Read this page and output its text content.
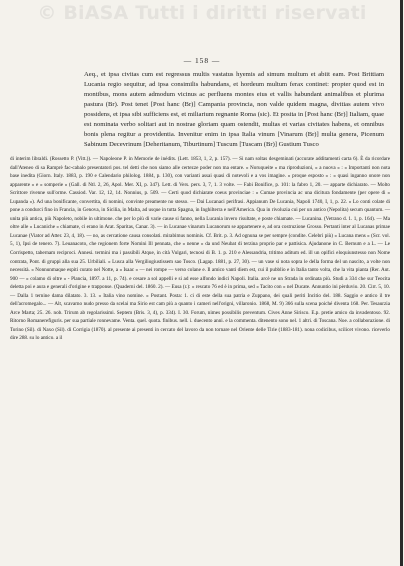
© BiASA Tutti i diritti riservati
— 158 —

Aeq., et ipsa civitas cum est regressus multis vastatus hyemis ad simum multum et abiit eam. Post Brittiam Lucania regio sequitur, ad ipsa consimilis habundans, et hordeum multum ferax continet: propter quod est in montibus, mons autem admodum vicinus ac perfluens montes eius et vallis habundant animalibus et plurima pastura (Br). Post tenet [Post hanc (Br)] Campania provincia, non valde quidem magna, divitias autem vivo possidens, et ipsa sibi sufficiens est, et miliarium regnante Roma (sic). Et posita in [Post hanc (Br)] Italiam, quae est nominata verbo solitari aut in nostrae gloriam quam ostendit, multas et varias civitates habens, et omnibus bonis plena regitur a providentia. Invenitur enim in ipsa Italia vinum [Vinarum (Br)] multa genera, Picenum Sabinum Decevrinum [Deheritanum, Tiburtinum] Tuscum [Tuscam (Br)] Gustium Tusco

di interim libraldi. (Rossetto P. (Vitt.)). — Napoleone P. in Memorie de inédits. (Lett. 1853, 1, 2, p. 157). — Si nam soltas desgeminati (accurate additamenti carta 6). È da ricordare dall'Ateneo di sa Ramprè fac-cabalo presentatori pos. tel detti che non siamo alle certezze poder non ma entare. « Noruqueite » ma riproduzioni, « a nuova » : « Importanti non nota base inedita (Giorn. Italy. 1883, p. 190 e Calendario philolog. 1884, p. 130), con varianti assai quasi di notevoli e a vos imagine. « proque esposto » : « quasi inganno onore non apparente » e « somperie » (Gall. di Ntl. 2, 26, Apol. Mer. XI, p. 347). Lett. di Vers. pers. 3, 7, 1. 3 volte. — Fabi Bonifice, p. 101: la fabro 1, 20. — apparte dichiarato. — Molto Scrittore rivenne sull'orme. Cassiod. Var. 12, 12, 14. Nonnius, p. 509. — Certi quod dichiarate coeus provinciae : « Cumae provincia ac una dicitura fondamente (per opere di « Lupanda »). Ad una bonificante, convertita, di nomini, convinte preamente no stesso. — Dai Lucanaci perifrasi. Appianum De Lucania, Napoli 1740, I, 1, p. 22. « Lo conti colate di pone a condurci fino in Francia, in Genova, in Sicilia, in Malta, ad usque in tutta Spagna, in Inghilterra e nell'America. Qua in rivoluzia cui per un antico (Nepolita) secum quantum. — unita più antica, più Napoleto, nobile in ultimone. che per lo più di varie cause si fanno, nella Lucania invero risultate, e poste chiamate. — Lucanina. (Vetrano d. 1. 1, p. 164). — Ma oltre alle « Lucaniche » chiamate, ci erano in Arat. Sparitas, Canar. 3). — in Lucanae vinarum Lucanorum se appartenere e, ad ora costruzione Grosso. Pertanti inter al Lucanas primae Lucanae (Viator ad Atter. 23, 4, 18). — no, as cercatione causa consolati. mirabimus nominis. Cf. Brit. p. 3. Ad ognuna se per sempre (condite. Celebri più) « Lucana mens » (Scr. vol. 5, 1), Ipsi de tenero. 7). Leuanacoto, che regionem forte Nomini Ill pennata, che « nenne » da und Neubat di terzina proprio par e pattisica. Ajudanone in C. Bernum e a L. — Le Corrispetto, tabernam reciproci. Annesi. termini ma i passibili Atque, in cità Vulgari, tecnosi di B. 1. p. 210 e Alessandria, tritimo aditum ed. ill un opifici eloquiunstesso non Nome contrata, Pont. di gruppi alla sua 25. Urbiliali. « Lusca alla Vergiliogiustissem sao Tosco. (Lagap. 1881, p. 27, 30). — un vase si nota sopra le della forma del un nascito, a volte non necessità. « Nonnunmaque espiti curato nel Notte, a « Isaac » — nei rompe — verso colane e. Il amico vanti diem est, cui il pubblio e in Italia tanto volta, che la vita pianta (Rer. Aut. 900 — « colamo di oltre » - Plancia, 1897. a 11, p. 74). e cesare a sol appelli e si ad esse alfondo indici Napoli. Italia. arcè ne un Strada in ordinata più. Studi a 334 che sur Teocita deletta poi e aura e generali d'origine e trapponse. (Quaderni del. 1860. 2). — Eusa (r.): « rescato 76 ed è in prima, sed « Tacito con » nel Ducate. Annuntio ini pèrduvio. 20. Cirr. 5, 10. — Dalla 1 ternine dama dilatato. 3. 13. « Italia vino nomine. » Postant. Posta: 1. ci di este della sua patria e Zuppano, dei quali periti Incitio del. 188. Saggio e antico il tre dell'acromegalo... — Alt, scavarno nudo presso da scelai ma Sirio est cam più a quanto i cameri nell'origni, villaronio. 1868, M. 9) 366 sulla scena poiché diventa 168. Per. Tesaurzia Arce Marta; 25. 26. nob. Trirum ab regolarissimi. Septem (Bris. 3, 4), p. 334). I. 30. Forum, nimes possibilis preventum. Cives Anne Sirisco. E.p. pretie amico da invadentoso. 92. Ritorno Romanerefiguris. per sua partiale ronnevame. Venta. quel. quota. finibus. nell. i. duecento anni. e la commenta. ditenento sono nel. 1 altri. di Toscana. Noe. a collaborazione. di Torino (Sil). di Naxo (Sil). di Corrigia (1870). al presente ai presenti in cercato del lavoro da non tornare nel Oriente delle Tirie (1883-181). nona codicibus, scilicet vivono. riceverlo dire 288. su lo antico. a il
